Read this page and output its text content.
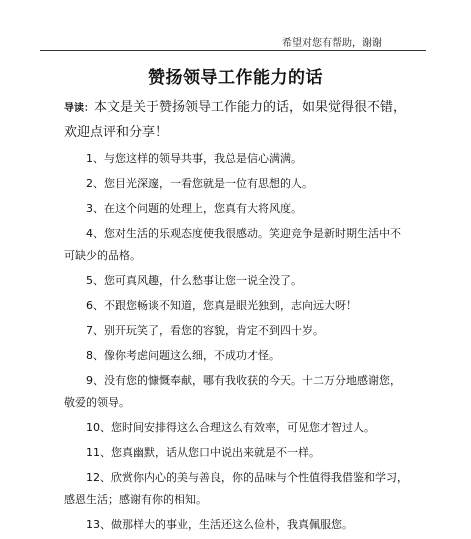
希望对您有帮助，谢谢
赞扬领导工作能力的话
导读：本文是关于赞扬领导工作能力的话，如果觉得很不错，欢迎点评和分享！
1、与您这样的领导共事，我总是信心满满。
2、您目光深邃，一看您就是一位有思想的人。
3、在这个问题的处理上，您真有大将风度。
4、您对生活的乐观态度使我很感动。笑迎竞争是新时期生活中不可缺少的品格。
5、您可真风趣，什么愁事让您一说全没了。
6、不跟您畅谈不知道，您真是眼光独到，志向远大呀！
7、别开玩笑了，看您的容貌，肯定不到四十岁。
8、像你考虑问题这么细，不成功才怪。
9、没有您的慷慨奉献，哪有我收获的今天。十二万分地感谢您，敬爱的领导。
10、您时间安排得这么合理这么有效率，可见您才智过人。
11、您真幽默，话从您口中说出来就是不一样。
12、欣赏你内心的美与善良，你的品味与个性值得我借鉴和学习，感恩生活；感谢有你的相知。
13、做那样大的事业，生活还这么俭朴，我真佩服您。
